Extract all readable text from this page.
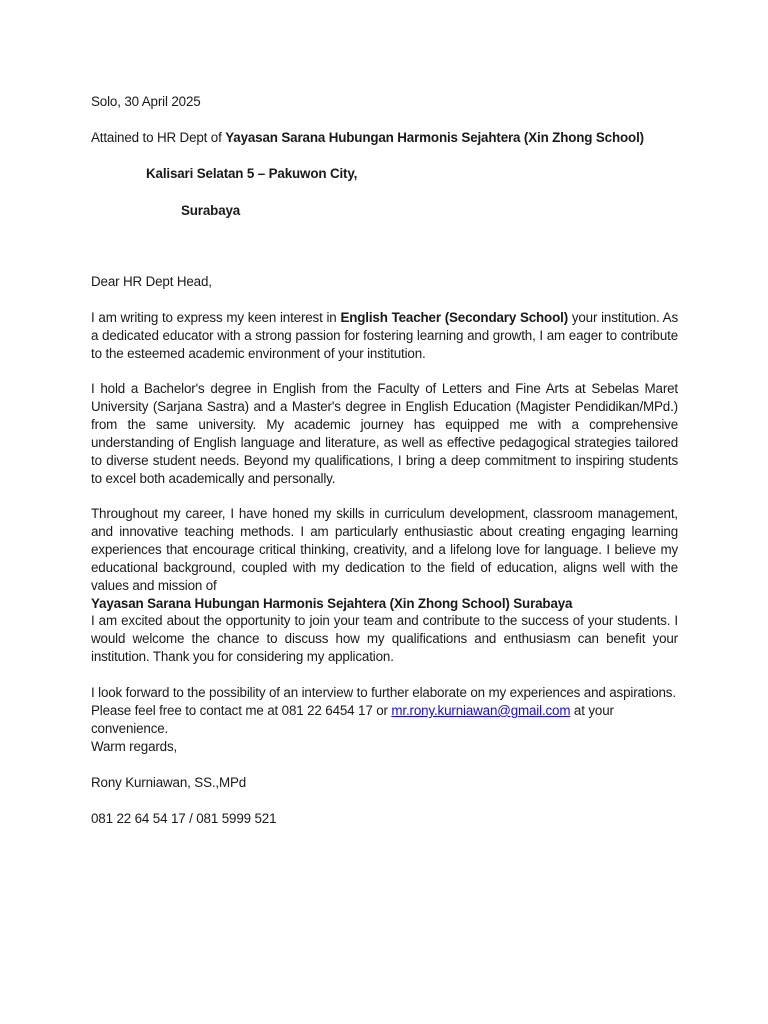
Solo, 30 April 2025
Attained to HR Dept of Yayasan Sarana Hubungan Harmonis Sejahtera (Xin Zhong School)
Kalisari Selatan 5 – Pakuwon City,
Surabaya
Dear HR Dept Head,
I am writing to express my keen interest in English Teacher (Secondary School) your institution. As a dedicated educator with a strong passion for fostering learning and growth, I am eager to contribute to the esteemed academic environment of your institution.
I hold a Bachelor's degree in English from the Faculty of Letters and Fine Arts at Sebelas Maret University (Sarjana Sastra) and a Master's degree in English Education (Magister Pendidikan/MPd.) from the same university. My academic journey has equipped me with a comprehensive understanding of English language and literature, as well as effective pedagogical strategies tailored to diverse student needs. Beyond my qualifications, I bring a deep commitment to inspiring students to excel both academically and personally.
Throughout my career, I have honed my skills in curriculum development, classroom management, and innovative teaching methods. I am particularly enthusiastic about creating engaging learning experiences that encourage critical thinking, creativity, and a lifelong love for language. I believe my educational background, coupled with my dedication to the field of education, aligns well with the values and mission of
Yayasan Sarana Hubungan Harmonis Sejahtera (Xin Zhong School) Surabaya
I am excited about the opportunity to join your team and contribute to the success of your students. I would welcome the chance to discuss how my qualifications and enthusiasm can benefit your institution. Thank you for considering my application.
I look forward to the possibility of an interview to further elaborate on my experiences and aspirations. Please feel free to contact me at 081 22 6454 17 or mr.rony.kurniawan@gmail.com at your convenience.
Warm regards,
Rony Kurniawan, SS.,MPd
081 22 64 54 17 / 081 5999 521
